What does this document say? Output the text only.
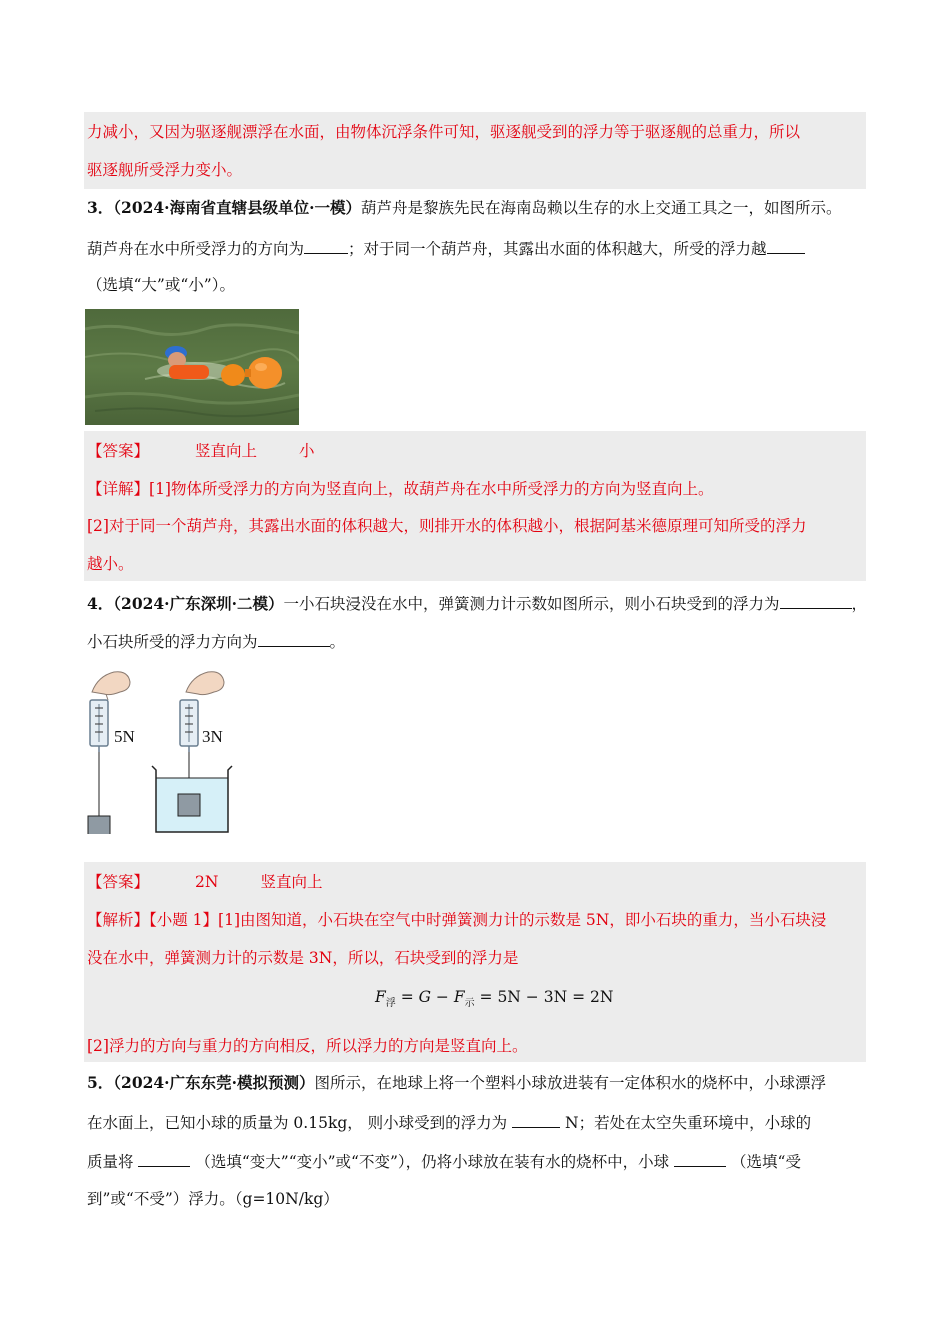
力减小，又因为驱逐舰漂浮在水面，由物体沉浮条件可知，驱逐舰受到的浮力等于驱逐舰的总重力，所以
驱逐舰所受浮力变小。
3．（2024·海南省直辖县级单位·一模）葫芦舟是黎族先民在海南岛赖以生存的水上交通工具之一，如图所示。
葫芦舟在水中所受浮力的方向为	；对于同一个葫芦舟，其露出水面的体积越大，所受的浮力越
（选填“大”或“小”）。
【答案】	竖直向上	小
【详解】[1]物体所受浮力的方向为竖直向上，故葫芦舟在水中所受浮力的方向为竖直向上。
[2]对于同一个葫芦舟，其露出水面的体积越大，则排开水的体积越小，根据阿基米德原理可知所受的浮力
越小。
4．（2024·广东深圳·二模）一小石块浸没在水中，弹簧测力计示数如图所示，则小石块受到的浮力为	，
小石块所受的浮力方向为	。
5N	3N
【答案】	2N	竖直向上
【解析】【小题 1】[1]由图知道，小石块在空气中时弹簧测力计的示数是 5N，即小石块的重力，当小石块浸
没在水中，弹簧测力计的示数是 3N，所以，石块受到的浮力是
$F_浮 = G - F_示 = 5N - 3N = 2N$
[2]浮力的方向与重力的方向相反，所以浮力的方向是竖直向上。
5．（2024·广东东莞·模拟预测）图所示，在地球上将一个塑料小球放进装有一定体积水的烧杯中，小球漂浮
在水面上，已知小球的质量为 0.15kg， 则小球受到的浮力为	N；若处在太空失重环境中，小球的
质量将	（选填“变大”“变小”或“不变”），仍将小球放在装有水的烧杯中，小球	（选填“受
到”或“不受”）浮力。（g=10N/kg）
